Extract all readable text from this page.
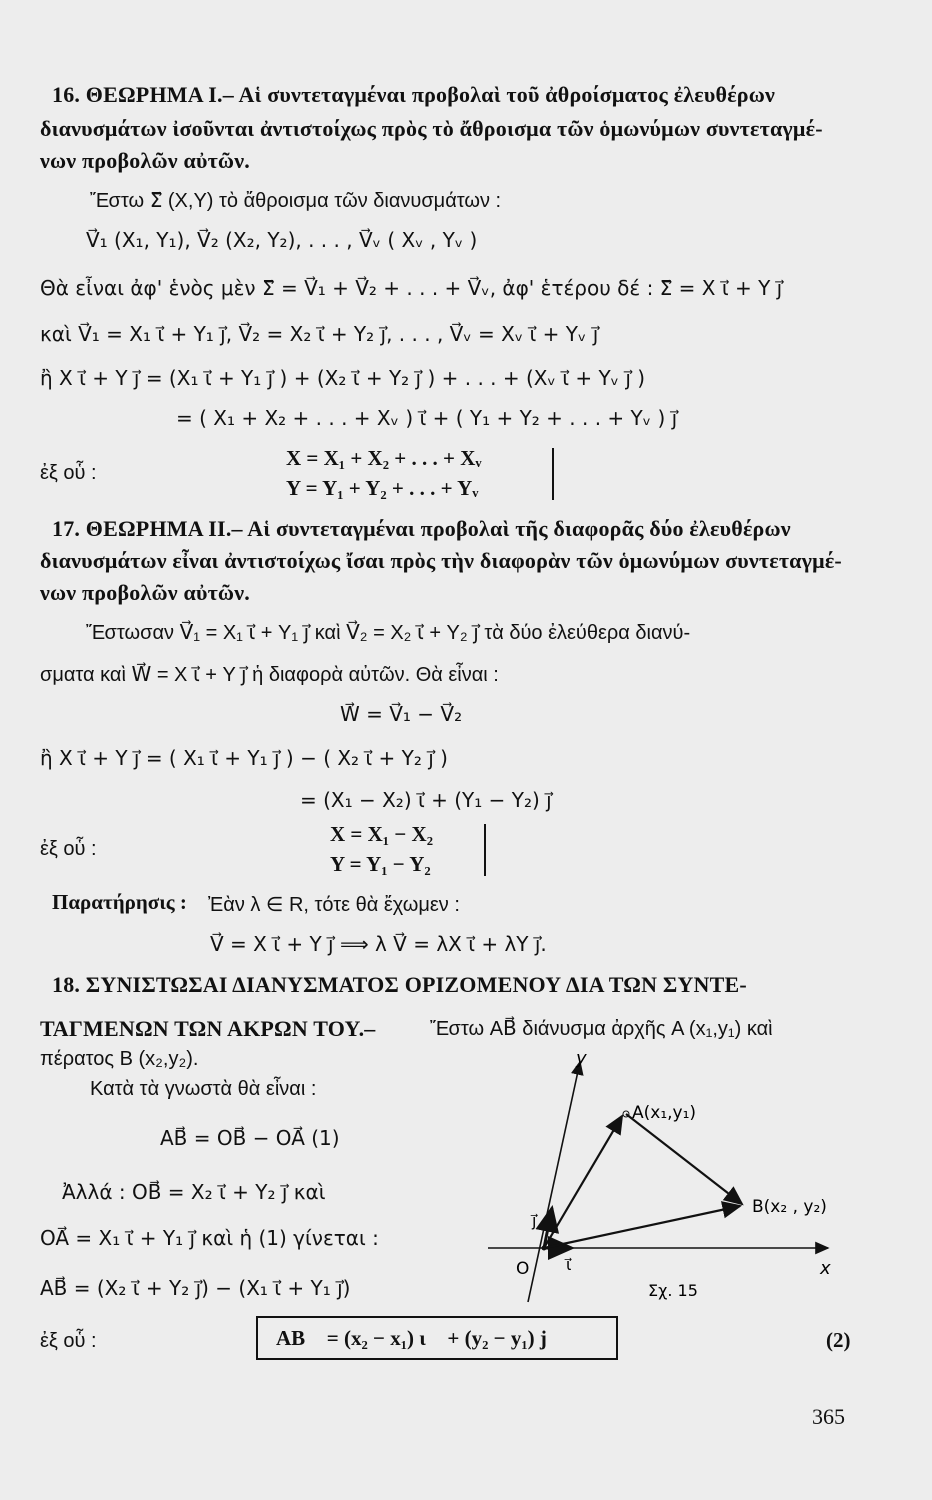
16. ΘΕΩΡΗΜΑ Ι.– Αἱ συντεταγμέναι προβολαὶ τοῦ ἀθροίσματος ἐλευθέρων
διανυσμάτων ἰσοῦνται ἀντιστοίχως πρὸς τὸ ἄθροισμα τῶν ὁμωνύμων συντεταγμέ-
νων προβολῶν αὐτῶν.
Ἔστω Σ⃗ (X,Y) τὸ ἄθροισμα τῶν διανυσμάτων :
V⃗₁ (X₁, Y₁), V⃗₂ (X₂, Y₂), . . . , V⃗ᵥ ( Xᵥ , Yᵥ )
Θὰ εἶναι ἀφ' ἑνὸς μὲν Σ⃗ = V⃗₁ + V⃗₂ + . . . + V⃗ᵥ, ἀφ' ἑτέρου δέ : Σ⃗ = X ι⃗ + Y j⃗
καὶ V⃗₁ = X₁ ι⃗ + Y₁ j⃗, V⃗₂ = X₂ ι⃗ + Y₂ j⃗, . . . , V⃗ᵥ = Xᵥ ι⃗ + Yᵥ j⃗
ἢ X ι⃗ + Y j⃗ = (X₁ ι⃗ + Y₁ j⃗ ) + (X₂ ι⃗ + Y₂ j⃗ ) + . . . + (Xᵥ ι⃗ + Yᵥ j⃗ )
= ( X₁ + X₂ + . . . + Xᵥ ) ι⃗ + ( Y₁ + Y₂ + . . . + Yᵥ ) j⃗
ἐξ οὗ :
X = X₁ + X₂ + . . . + Xᵥ
Y = Y₁ + Y₂ + . . . + Yᵥ
17. ΘΕΩΡΗΜΑ ΙΙ.– Αἱ συντεταγμέναι προβολαὶ τῆς διαφορᾶς δύο ἐλευθέρων
διανυσμάτων εἶναι ἀντιστοίχως ἴσαι πρὸς τὴν διαφορὰν τῶν ὁμωνύμων συντεταγμέ-
νων προβολῶν αὐτῶν.
Ἔστωσαν V⃗₁ = X₁ ι⃗ + Y₁ j⃗ καὶ V⃗₂ = X₂ ι⃗ + Y₂ j⃗ τὰ δύο ἐλεύθερα διανύ-
σματα καὶ W⃗ = X ι⃗ + Y j⃗ ἡ διαφορὰ αὐτῶν. Θὰ εἶναι :
W⃗ = V⃗₁ − V⃗₂
ἢ X ι⃗ + Y j⃗ = ( X₁ ι⃗ + Y₁ j⃗ ) − ( X₂ ι⃗ + Y₂ j⃗ )
= (X₁ − X₂) ι⃗ + (Y₁ − Y₂) j⃗
ἐξ οὗ :
X = X₁ − X₂
Y = Y₁ − Y₂
Παρατήρησις : Ἐὰν λ ∈ R, τότε θὰ ἔχωμεν :
V⃗ = X ι⃗ + Y j⃗ ⟹ λ V⃗ = λX ι⃗ + λY j⃗.
18. ΣΥΝΙΣΤΩΣΑΙ ΔΙΑΝΥΣΜΑΤΟΣ ΟΡΙΖΟΜΕΝΟΥ ΔΙΑ ΤΩΝ ΣΥΝΤΕ-
ΤΑΓΜΕΝΩΝ ΤΩΝ ΑΚΡΩΝ ΤΟΥ.–	Ἔστω AB⃗ διάνυσμα ἀρχῆς A (x₁,y₁) καὶ
πέρατος B (x₂,y₂).
Κατὰ τὰ γνωστὰ θὰ εἶναι :
AB⃗ = OB⃗ − OA⃗ (1)
Ἀλλά : OB⃗ = X₂ ι⃗ + Y₂ j⃗ καὶ
OA⃗ = X₁ ι⃗ + Y₁ j⃗ καὶ ἡ (1) γίνεται :
AB⃗ = (X₂ ι⃗ + Y₂ j⃗) − (X₁ ι⃗ + Y₁ j⃗)
ἐξ οὗ :	AB⃗ = (x₂ − x₁) ι⃗ + (y₂ − y₁) j⃗	(2)
y
x
O
A(x₁,y₁)
B(x₂ , y₂)
ι⃗
j⃗
Σχ. 15
365
